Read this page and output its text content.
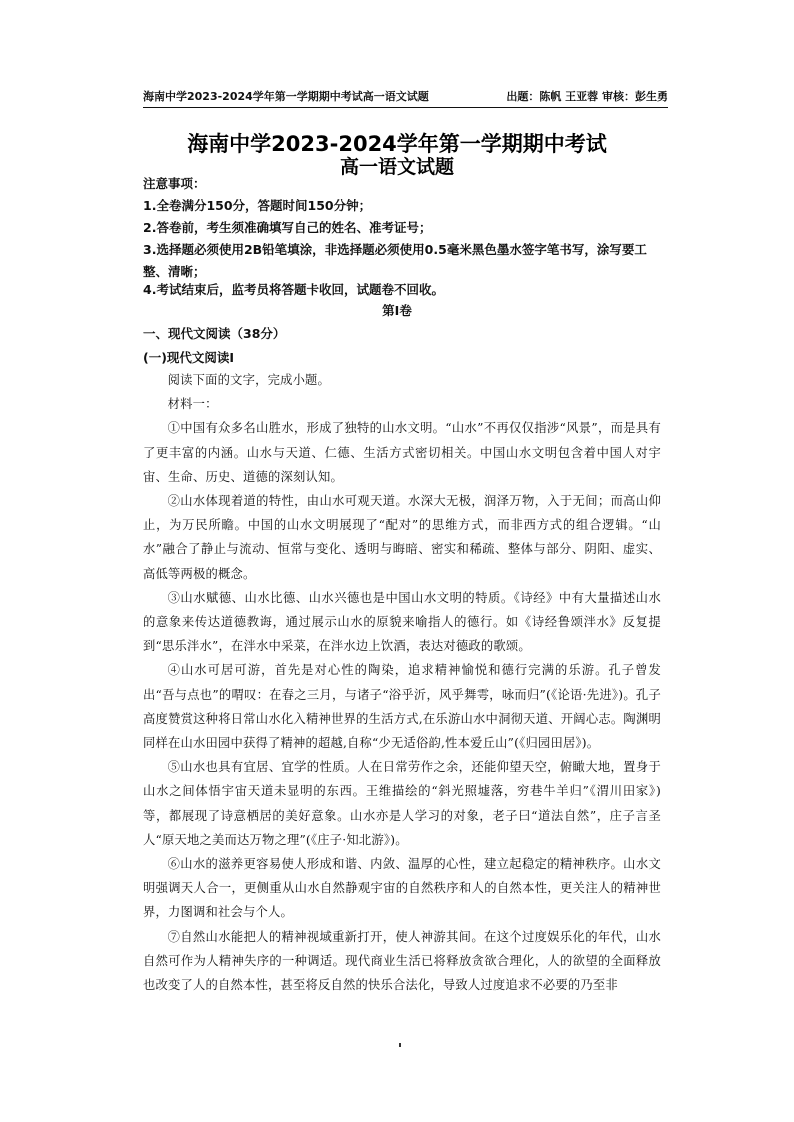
海南中学2023-2024学年第一学期期中考试高一语文试题	出题：陈帆 王亚蓉 审核：彭生勇
海南中学2023-2024学年第一学期期中考试
高一语文试题
注意事项：
1.全卷满分150分，答题时间150分钟；
2.答卷前，考生须准确填写自己的姓名、准考证号；
3.选择题必须使用2B铅笔填涂，非选择题必须使用0.5毫米黑色墨水签字笔书写，涂写要工整、清晰；
4.考试结束后，监考员将答题卡收回，试题卷不回收。
第Ⅰ卷
一、现代文阅读（38分）
(一)现代文阅读Ⅰ

阅读下面的文字，完成小题。

材料一：

①中国有众多名山胜水，形成了独特的山水文明。“山水”不再仅仅指涉“风景”，而是具有了更丰富的内涵。山水与天道、仁德、生活方式密切相关。中国山水文明包含着中国人对宇宙、生命、历史、道德的深刻认知。

②山水体现着道的特性，由山水可观天道。水深大无极，润泽万物，入于无间；而高山仰止，为万民所瞻。中国的山水文明展现了“配对”的思维方式，而非西方式的组合逻辑。“山水”融合了静止与流动、恒常与变化、透明与晦暗、密实和稀疏、整体与部分、阴阳、虚实、高低等两极的概念。

③山水赋德、山水比德、山水兴德也是中国山水文明的特质。《诗经》中有大量描述山水的意象来传达道德教诲，通过展示山水的原貌来喻指人的德行。如《诗经鲁颂泮水》反复提到“思乐泮水”，在泮水中采菜，在泮水边上饮酒，表达对德政的歌颂。

④山水可居可游，首先是对心性的陶染，追求精神愉悦和德行完满的乐游。孔子曾发出“吾与点也”的喟叹：在春之三月，与诸子“浴乎沂，风乎舞雩，咏而归”(《论语·先进》)。孔子高度赞赏这种将日常山水化入精神世界的生活方式,在乐游山水中洞彻天道、开阔心志。陶渊明同样在山水田园中获得了精神的超越,自称“少无适俗韵,性本爱丘山”(《归园田居》)。

⑤山水也具有宜居、宜学的性质。人在日常劳作之余，还能仰望天空，俯瞰大地，置身于山水之间体悟宇宙天道未显明的东西。王维描绘的“斜光照墟落，穷巷牛羊归”《渭川田家》)等，都展现了诗意栖居的美好意象。山水亦是人学习的对象，老子曰“道法自然”，庄子言圣人“原天地之美而达万物之理”(《庄子·知北游》)。

⑥山水的滋养更容易使人形成和谐、内敛、温厚的心性，建立起稳定的精神秩序。山水文明强调天人合一，更侧重从山水自然静观宇宙的自然秩序和人的自然本性，更关注人的精神世界，力图调和社会与个人。

⑦自然山水能把人的精神视域重新打开，使人神游其间。在这个过度娱乐化的年代，山水自然可作为人精神失序的一种调适。现代商业生活已将释放贪欲合理化，人的欲望的全面释放也改变了人的自然本性，甚至将反自然的快乐合法化，导致人过度追求不必要的乃至非
